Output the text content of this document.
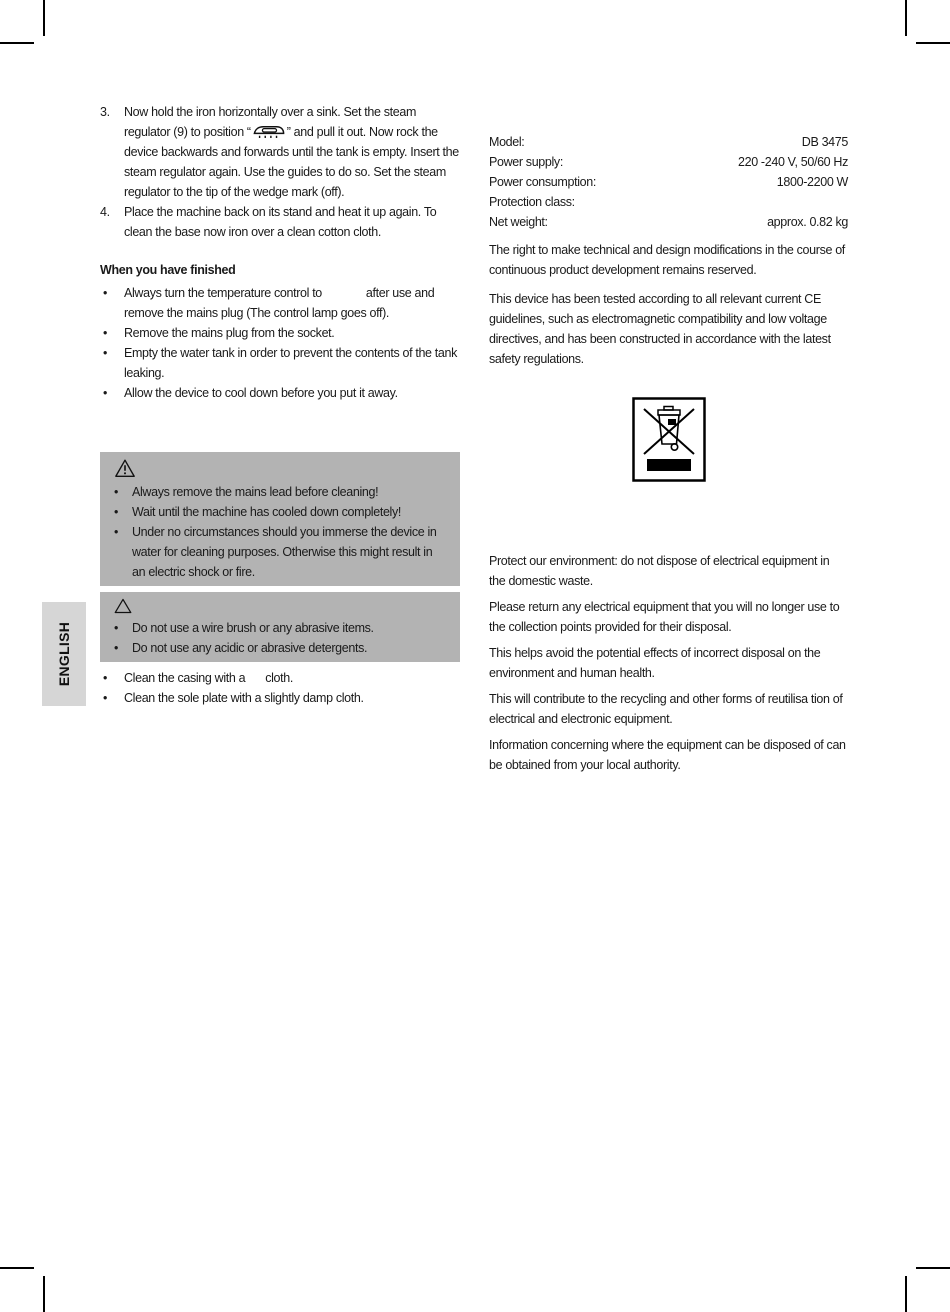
ENGLISH
3.	Now hold the iron horizontally over a sink. Set the steam regulator (9) to position “	” and pull it out. Now rock the device backwards and forwards until the tank is empty. Insert the steam regulator again. Use the guides to do so. Set the steam regulator to the tip of the wedge mark (off).
4.	Place the machine back on its stand and heat it up again. To clean the base now iron over a clean cotton cloth.
When you have finished
• Always turn the temperature control to	after use and remove the mains plug (The control lamp goes off).
• Remove the mains plug from the socket.
• Empty the water tank in order to prevent the contents of the tank leaking.
• Allow the device to cool down before you put it away.
• Always remove the mains lead before cleaning!
• Wait until the machine has cooled down completely!
• Under no circumstances should you immerse the device in water for cleaning purposes. Otherwise this might result in an electric shock or fire.
• Do not use a wire brush or any abrasive items.
• Do not use any acidic or abrasive detergents.
• Clean the casing with a cloth.
• Clean the sole plate with a slightly damp cloth.
Model:	DB 3475
Power supply:	220 -240 V, 50/60 Hz
Power consumption:	1800-2200 W
Protection class:
Net weight:	approx. 0.82 kg

The right to make technical and design modifications in the course of continuous product development remains reserved.

This device has been tested according to all relevant current CE guidelines, such as electromagnetic compatibility and low voltage directives, and has been constructed in accordance with the latest safety regulations.

Protect our environment: do not dispose of electrical equipment in the domestic waste.

Please return any electrical equipment that you will no longer use to the collection points provided for their disposal.

This helps avoid the potential effects of incorrect disposal on the environment and human health.

This will contribute to the recycling and other forms of reutilisa tion of electrical and electronic equipment.

Information concerning where the equipment can be disposed of can be obtained from your local authority.
